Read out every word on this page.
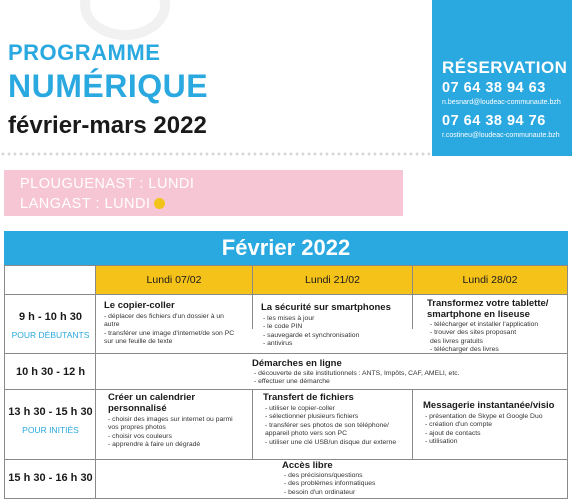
PROGRAMME
NUMÉRIQUE
février-mars 2022
RÉSERVATION
07 64 38 94 63
n.besnard@loudeac-communaute.bzh
07 64 38 94 76
r.costineu@loudeac-communaute.bzh
PLOUGUENAST : LUNDI
LANGAST : LUNDI
Février 2022
Lundi 07/02	Lundi 21/02	Lundi 28/02
9 h - 10 h 30
POUR DÉBUTANTS
Le copier-coller
- déplacer des fichiers d'un dossier à un
autre
- transférer une image d'internet/de son PC
sur une feuille de texte
La sécurité sur smartphones
- les mises à jour
- le code PIN
- sauvegarde et synchronisation
- antivirus
Transformez votre tablette/
smartphone en liseuse
- télécharger et installer l'application
- trouver des sites proposant
des livres gratuits
- télécharger des livres
10 h 30 - 12 h
Démarches en ligne
- découverte de site institutionnels : ANTS, Impôts, CAF, AMELI, etc.
- effectuer une démarche
13 h 30 - 15 h 30
POUR INITIÉS
Créer un calendrier
personnalisé
- choisir des images sur internet ou parmi
vos propres photos
- choisir vos couleurs
- apprendre à faire un dégradé
Transfert de fichiers
- utiliser le copier-coller
- sélectionner plusieurs fichiers
- transférer ses photos de son téléphone/
appareil photo vers son PC
- utiliser une clé USB/un disque dur externe
Messagerie instantanée/visio
- présentation de Skype et Google Duo
- création d'un compte
- ajout de contacts
- utilisation
15 h 30 - 16 h 30
Accès libre
- des précisions/questions
- des problèmes informatiques
- besoin d'un ordinateur
